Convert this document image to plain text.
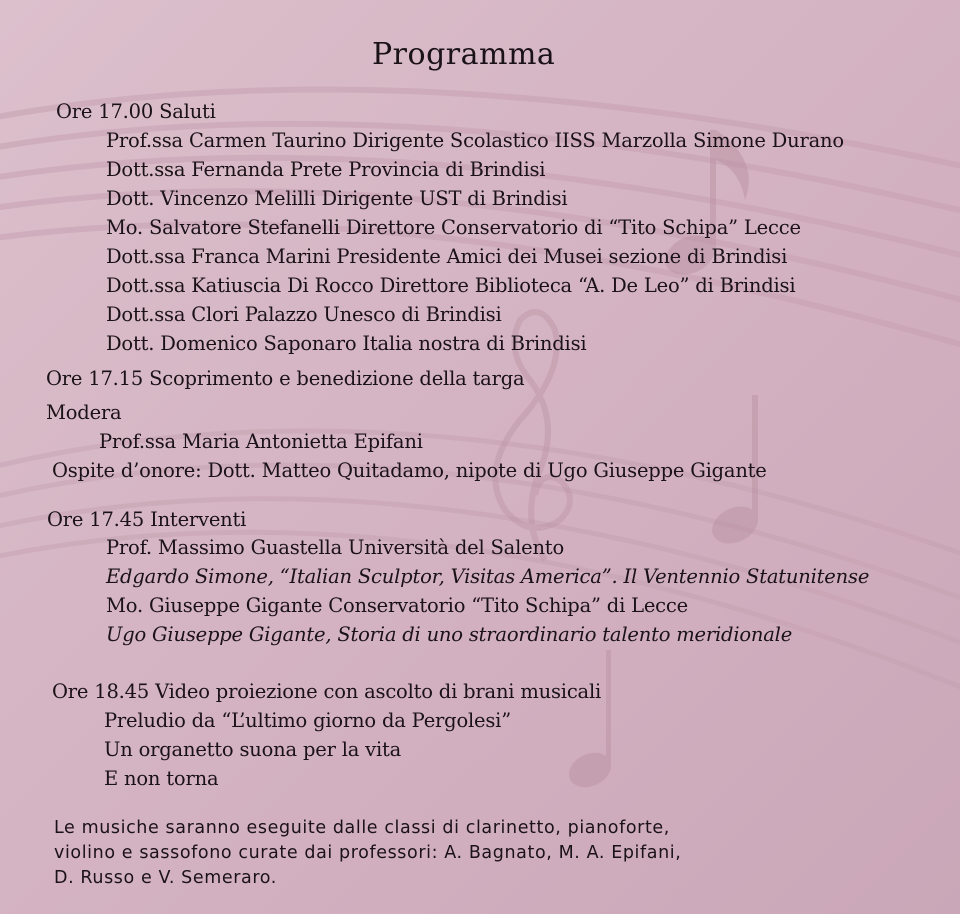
Programma
Ore 17.00 Saluti
Prof.ssa Carmen Taurino Dirigente Scolastico IISS Marzolla Simone Durano
Dott.ssa Fernanda Prete Provincia di Brindisi
Dott. Vincenzo Melilli Dirigente UST di Brindisi
Mo. Salvatore Stefanelli Direttore Conservatorio di “Tito Schipa” Lecce
Dott.ssa Franca Marini Presidente Amici dei Musei sezione di Brindisi
Dott.ssa Katiuscia Di Rocco Direttore Biblioteca “A. De Leo” di Brindisi
Dott.ssa Clori Palazzo Unesco di Brindisi
Dott. Domenico Saponaro Italia nostra di Brindisi
Ore 17.15 Scoprimento e benedizione della targa
Modera
Prof.ssa Maria Antonietta Epifani
Ospite d’onore: Dott. Matteo Quitadamo, nipote di Ugo Giuseppe Gigante
Ore 17.45 Interventi
Prof. Massimo Guastella Università del Salento
Edgardo Simone, “Italian Sculptor, Visitas America”. Il Ventennio Statunitense
Mo. Giuseppe Gigante Conservatorio “Tito Schipa” di Lecce
Ugo Giuseppe Gigante, Storia di uno straordinario talento meridionale
Ore 18.45 Video proiezione con ascolto di brani musicali
Preludio da “L’ultimo giorno da Pergolesi”
Un organetto suona per la vita
E non torna
Le musiche saranno eseguite dalle classi di clarinetto, pianoforte,
violino e sassofono curate dai professori: A. Bagnato, M. A. Epifani,
D. Russo e V. Semeraro.
